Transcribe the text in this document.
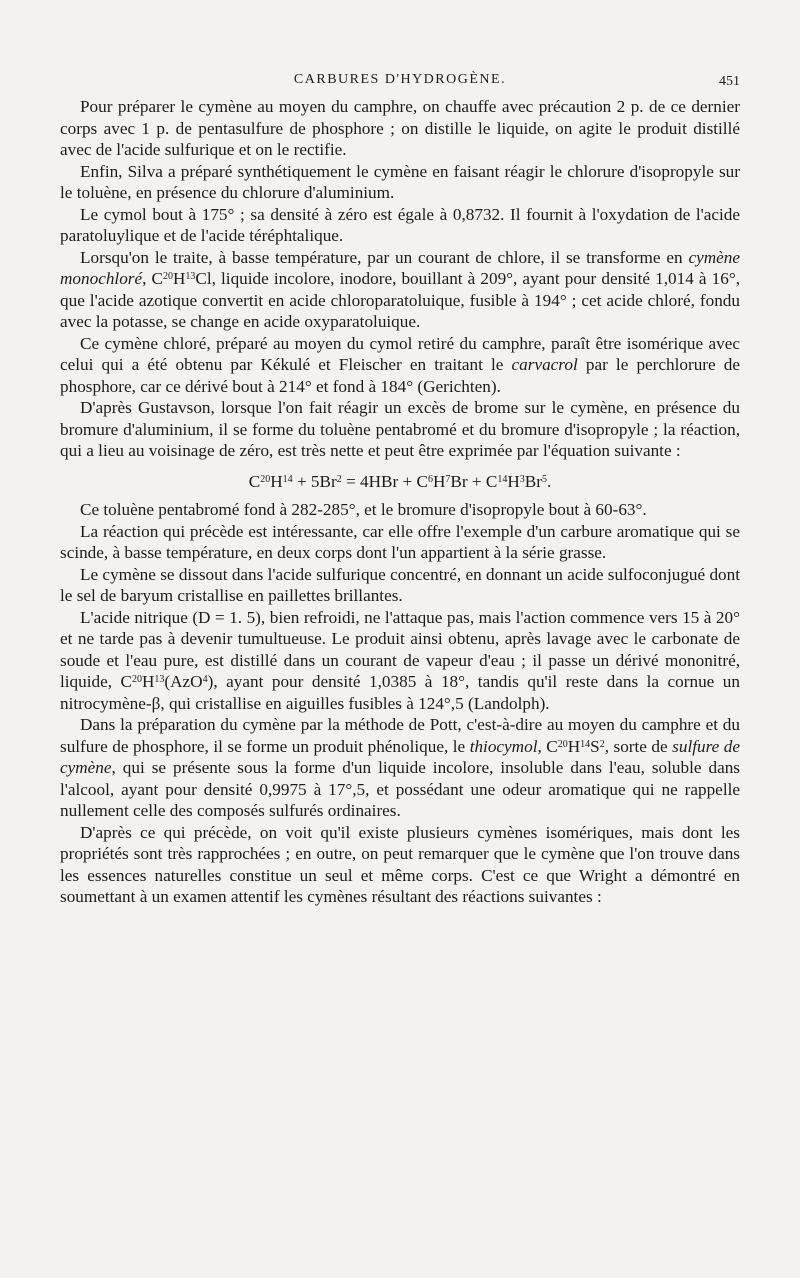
CARBURES D'HYDROGÈNE.	451

Pour préparer le cymène au moyen du camphre, on chauffe avec précaution 2 p. de ce dernier corps avec 1 p. de pentasulfure de phosphore ; on distille le liquide, on agite le produit distillé avec de l'acide sulfurique et on le rectifie.

Enfin, Silva a préparé synthétiquement le cymène en faisant réagir le chlorure d'isopropyle sur le toluène, en présence du chlorure d'aluminium.

Le cymol bout à 175° ; sa densité à zéro est égale à 0,8732. Il fournit à l'oxydation de l'acide paratoluylique et de l'acide téréphtalique.

Lorsqu'on le traite, à basse température, par un courant de chlore, il se transforme en cymène monochloré, $C^{20}H^{13}Cl$, liquide incolore, inodore, bouillant à 209°, ayant pour densité 1,014 à 16°, que l'acide azotique convertit en acide chloroparatoluique, fusible à 194° ; cet acide chloré, fondu avec la potasse, se change en acide oxyparatoluique.

Ce cymène chloré, préparé au moyen du cymol retiré du camphre, paraît être isomérique avec celui qui a été obtenu par Kékulé et Fleischer en traitant le carvacrol par le perchlorure de phosphore, car ce dérivé bout à 214° et fond à 184° (Gerichten).

D'après Gustavson, lorsque l'on fait réagir un excès de brome sur le cymène, en présence du bromure d'aluminium, il se forme du toluène pentabromé et du bromure d'isopropyle ; la réaction, qui a lieu au voisinage de zéro, est très nette et peut être exprimée par l'équation suivante :

$C^{20}H^{14} + 5Br^2 = 4HBr + C^6H^7Br + C^{14}H^3Br^5$.

Ce toluène pentabromé fond à 282-285°, et le bromure d'isopropyle bout à 60-63°.

La réaction qui précède est intéressante, car elle offre l'exemple d'un carbure aromatique qui se scinde, à basse température, en deux corps dont l'un appartient à la série grasse.

Le cymène se dissout dans l'acide sulfurique concentré, en donnant un acide sulfoconjugué dont le sel de baryum cristallise en paillettes brillantes.

L'acide nitrique (D = 1. 5), bien refroidi, ne l'attaque pas, mais l'action commence vers 15 à 20° et ne tarde pas à devenir tumultueuse. Le produit ainsi obtenu, après lavage avec le carbonate de soude et l'eau pure, est distillé dans un courant de vapeur d'eau ; il passe un dérivé mononitré, liquide, $C^{20}H^{13}(AzO^4)$, ayant pour densité 1,0385 à 18°, tandis qu'il reste dans la cornue un nitrocymène-β, qui cristallise en aiguilles fusibles à 124°,5 (Landolph).

Dans la préparation du cymène par la méthode de Pott, c'est-à-dire au moyen du camphre et du sulfure de phosphore, il se forme un produit phénolique, le thiocymol, $C^{20}H^{14}S^2$, sorte de sulfure de cymène, qui se présente sous la forme d'un liquide incolore, insoluble dans l'eau, soluble dans l'alcool, ayant pour densité 0,9975 à 17°,5, et possédant une odeur aromatique qui ne rappelle nullement celle des composés sulfurés ordinaires.

D'après ce qui précède, on voit qu'il existe plusieurs cymènes isomériques, mais dont les propriétés sont très rapprochées ; en outre, on peut remarquer que le cymène que l'on trouve dans les essences naturelles constitue un seul et même corps. C'est ce que Wright a démontré en soumettant à un examen attentif les cymènes résultant des réactions suivantes :
